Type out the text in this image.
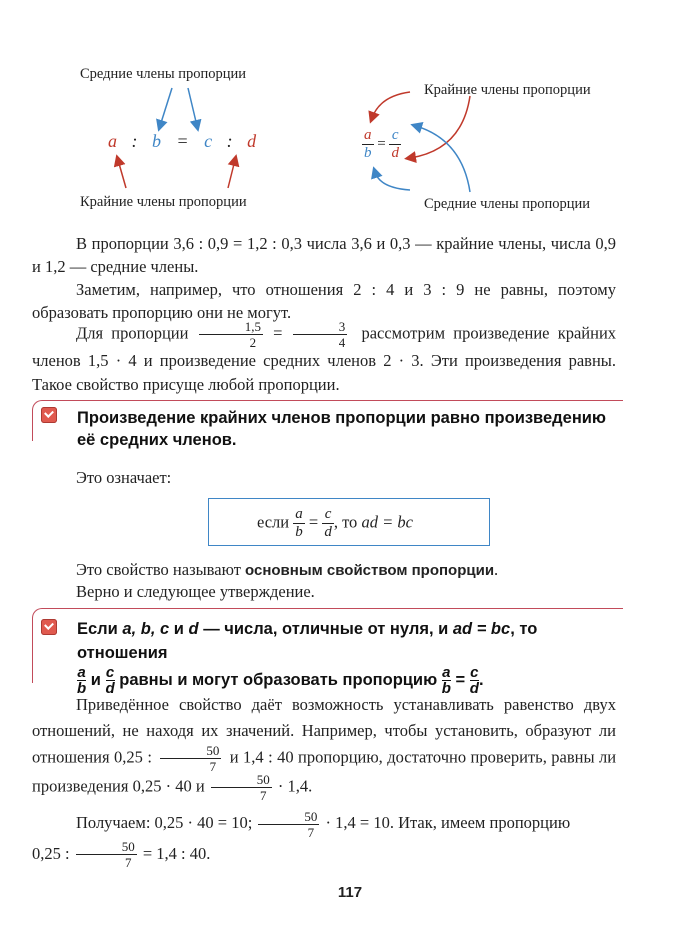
Средние члены пропорции
Крайние члены пропорции
a : b = c : d
Крайние члены пропорции
Средние члены пропорции
$\frac{a}{b} = \frac{c}{d}$
В пропорции 3,6 : 0,9 = 1,2 : 0,3 числа 3,6 и 0,3 — крайние члены, числа 0,9 и 1,2 — средние члены.
Заметим, например, что отношения 2 : 4 и 3 : 9 не равны, поэтому образовать пропорцию они не могут.
Для пропорции $\frac{1,5}{2} = \frac{3}{4}$ рассмотрим произведение крайних членов 1,5 · 4 и произведение средних членов 2 · 3. Эти произведения равны. Такое свойство присуще любой пропорции.
Произведение крайних членов пропорции равно произведению её средних членов.
Это означает:
если $\frac{a}{b} = \frac{c}{d}$ , то ad = bc
Это свойство называют основным свойством пропорции.
Верно и следующее утверждение.
Если a, b, c и d — числа, отличные от нуля, и ad = bc, то отношения

$\frac{a}{b}$ и $\frac{c}{d}$ равны и могут образовать пропорцию $\frac{a}{b} = \frac{c}{d}$ .
Приведённое свойство даёт возможность устанавливать равенство двух отношений, не находя их значений. Например, чтобы установить, образуют ли отношения 0,25 : $\frac{50}{7}$ и 1,4 : 40 пропорцию, достаточно проверить, равны ли произведения 0,25 · 40 и $\frac{50}{7} \cdot 1,4$.
Получаем: 0,25 · 40 = 10; $\frac{50}{7} \cdot 1,4 = 10$. Итак, имеем пропорцию
0,25 : $\frac{50}{7} = 1,4$ : 40.
117
